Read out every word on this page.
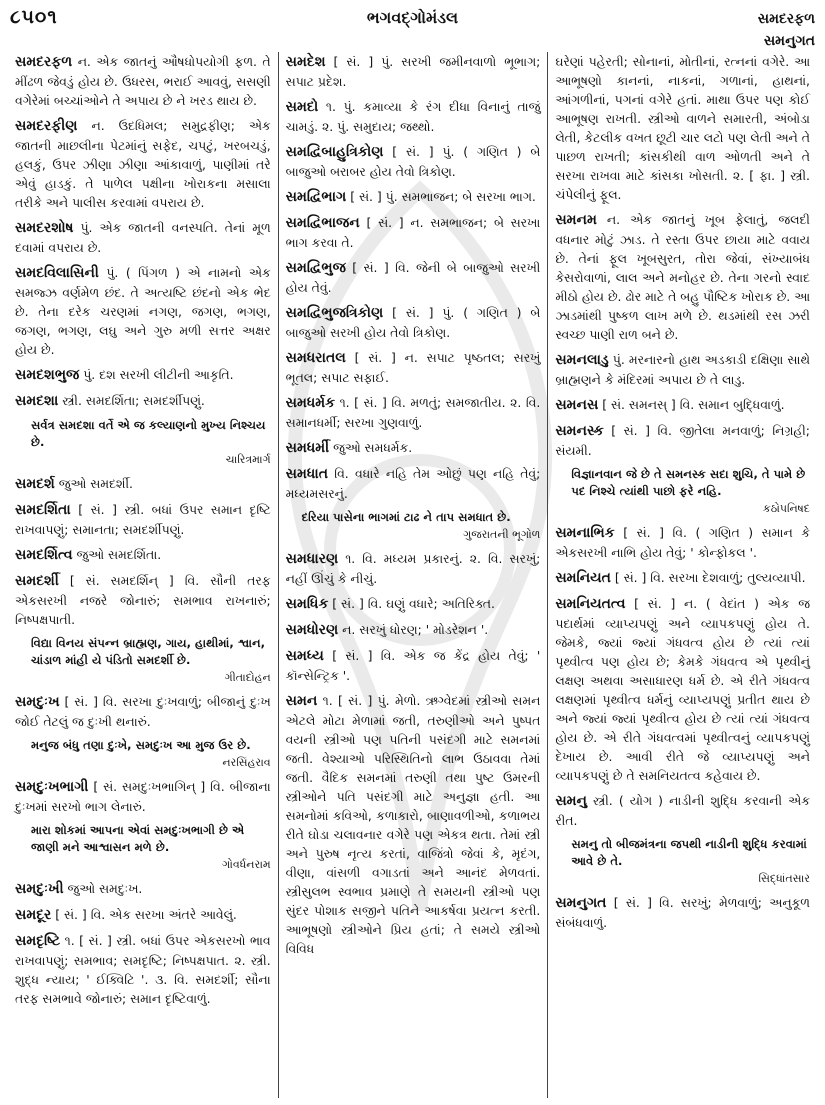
૮૫૦૧	ભગવદ્ગોમંડલ	સમદરફળ
સમનુગત
સમદરફળ ન. એક જાતનું ઔષધોપયોગી ફળ. તે મીંઢળ જેવડું હોય છે. ઉધરસ, ભરાઈ આવવું, સસણી વગેરેમાં બચ્ચાંઓને તે અપાય છે ને ખરડ થાય છે.
સમદરફીણ ન. ઉદધિમલ; સમુદ્રફીણ; એક જાતની માછલીના પેટમાંનું સફેદ, ચપટું, ખરબચડું, હલકું, ઉપર ઝીણા ઝીણા આંકાવાળું, પાણીમાં તરે એવું હાડકું. તે પાળેલ પક્ષીના ખોરાકના મસાલા તરીકે અને પાલીસ કરવામાં વપરાય છે.
સમદરશોષ પું. એક જાતની વનસ્પતિ. તેનાં મૂળ દવામાં વપરાય છે.
સમદવિલાસિની પું. ( પિંગળ ) એ નામનો એક સમજ્ઝ વર્ણમેળ છંદ. તે અત્યષ્ટિ છંદનો એક ભેદ છે. તેના દરેક ચરણમાં નગણ, જગણ, ભગણ, જગણ, ભગણ, લઘુ અને ગુરુ મળી સત્તર અક્ષર હોય છે.
સમદશભુજ પું. દશ સરખી લીટીની આકૃતિ.
સમદશા સ્ત્રી. સમદર્શિતા; સમદર્શીપણું.
સર્વત્ર સમદશા વર્તે એ જ કલ્યાણનો મુખ્ય નિશ્ચય છે.
ચારિત્રમાર્ગ
સમદર્શ જુઓ સમદર્શી.
સમદર્શિતા [ સં. ] સ્ત્રી. બધાં ઉપર સમાન દૃષ્ટિ રાખવાપણું; સમાનતા; સમદર્શીપણું.
સમદર્શિત્વ જુઓ સમદર્શિતા.
સમદર્શી [ સં. સમદર્શિન્ ] વિ. સૌની તરફ એકસરખી નજરે જોનારું; સમભાવ રાખનારું; નિષ્પક્ષપાતી.
વિદ્યા વિનય સંપન્ન બ્રાહ્મણ, ગાય, હાથીમાં, શ્વાન, ચાંડાળ માંહી યે પંડિતો સમદર્શી છે.
ગીતાદોહન
સમદુઃખ [ સં. ] વિ. સરખા દુઃખવાળું; બીજાનું દુઃખ જોઈ તેટલું જ દુઃખી થનારું.
મનુજ બંધુ તણા દુઃખે, સમદુઃખ આ મુજ ઉર છે.
નરસિંહરાવ
સમદુઃખભાગી [ સં. સમદુઃખભાગિન્ ] વિ. બીજાના દુઃખમાં સરખો ભાગ લેનારું.
મારા શોકમાં આપના એવાં સમદુઃખભાગી છે એ જાણી મને આશ્વાસન મળે છે.
ગોવર્ધનરામ
સમદુઃખી જુઓ સમદુઃખ.
સમદૂર [ સં. ] વિ. એક સરખા અંતરે આવેલું.
સમદૃષ્ટિ ૧. [ સં. ] સ્ત્રી. બધાં ઉપર એકસરખો ભાવ રાખવાપણું; સમભાવ; સમદૃષ્ટિ; નિષ્પક્ષપાત. ૨. સ્ત્રી. શુદ્ધ ન્યાય; ' ઈક્વિટિ '. ૩. વિ. સમદર્શી; સૌના તરફ સમભાવે જોનારું; સમાન દૃષ્ટિવાળું.
સમદેશ [ સં. ] પું. સરખી જમીનવાળો ભૂભાગ; સપાટ પ્રદેશ.
સમદો ૧. પું. કમાવ્યા કે રંગ દીધા વિનાનું તાજું ચામડું. ૨. પું. સમુદાય; જથ્થો.
સમદ્વિબાહુત્રિકોણ [ સં. ] પું. ( ગણિત ) બે બાજુઓ બરાબર હોય તેવો ત્રિકોણ.
સમદ્વિભાગ [ સં. ] પું. સમભાજન; બે સરખા ભાગ.
સમદ્વિભાજન [ સં. ] ન. સમભાજન; બે સરખા ભાગ કરવા તે.
સમદ્વિભુજ [ સં. ] વિ. જેની બે બાજુઓ સરખી હોય તેવું.
સમદ્વિભુજત્રિકોણ [ સં. ] પું. ( ગણિત ) બે બાજુઓ સરખી હોય તેવો ત્રિકોણ.
સમધરાતલ [ સં. ] ન. સપાટ પૃષ્ઠતલ; સરખું ભૂતલ; સપાટ સફાઈ.
સમધર્મક ૧. [ સં. ] વિ. મળતું; સમજાતીય. ૨. વિ. સમાનધર્મી; સરખા ગુણવાળું.
સમધર્મી જુઓ સમધર્મક.
સમધાત વિ. વધારે નહિ તેમ ઓછું પણ નહિ તેવું; મધ્યમસરનું.
દરિયા પાસેના ભાગમાં ટાઢ ને તાપ સમધાત છે.
ગુજરાતની ભૂગોળ
સમધારણ ૧. વિ. મધ્યમ પ્રકારનું. ૨. વિ. સરખું; નહીં ઊંચું કે નીચું.
સમધિક [ સં. ] વિ. ઘણું વધારે; અતિરિક્ત.
સમધોરણ ન. સરખું ધોરણ; ' મોડરેશન '.
સમધ્ય [ સં. ] વિ. એક જ કેંદ્ર હોય તેવું; ' કૉન્સેન્ટ્રિક '.
સમન ૧. [ સં. ] પું. મેળો. ઋગ્વેદમાં સ્ત્રીઓ સમન એટલે મોટા મેળામાં જતી, તરુણીઓ અને પુષ્પત વયની સ્ત્રીઓ પણ પતિની પસંદગી માટે સમનમાં જતી. વેશ્યાઓ પરિસ્થિતિનો લાભ ઉઠાવવા તેમાં જતી. વૈદિક સમનમાં તરુણી તથા પુષ્ટ ઉમરની સ્ત્રીઓને પતિ પસંદગી માટે અનુજ્ઞા હતી. આ સમનોમાં કવિઓ, કળાકારો, બાણાવળીઓ, કળાભય રીતે ઘોડા ચલાવનાર વગેરે પણ એકત્ર થતા. તેમાં સ્ત્રી અને પુરુષ નૃત્ય કરતાં, વાજિંત્રો જેવાં કે, મૃદંગ, વીણા, વાંસળી વગાડતાં અને આનંદ મેળવતાં. સ્ત્રીસુલભ સ્વભાવ પ્રમાણે તે સમયની સ્ત્રીઓ પણ સુંદર પોશાક સજીને પતિને આકર્ષવા પ્રયત્ન કરતી. આભૂષણો સ્ત્રીઓને પ્રિય હતાં; તે સમયે સ્ત્રીઓ વિવિધ
ઘરેણાં પહેરતી; સોનાનાં, મોતીનાં, રત્નનાં વગેરે. આ આભૂષણો કાનનાં, નાકનાં, ગળાનાં, હાથનાં, આંગળીનાં, પગનાં વગેરે હતાં. માથા ઉપર પણ કોઈ આભૂષણ રાખતી. સ્ત્રીઓ વાળને સમારતી, અંબોડા લેતી, કેટલીક વખત છૂટી ચાર લટો પણ લેતી અને તે પાછળ રાખતી; કાંસકીથી વાળ ઓળતી અને તે સરખા રાખવા માટે કાંસકા ખોસતી. ૨. [ ફા. ] સ્ત્રી. ચંપેલીનું ફૂલ.
સમનમ ન. એક જાતનું ખૂબ ફેલાતું, જલદી વધનાર મોટું ઝાડ. તે રસ્તા ઉપર છાયા માટે વવાય છે. તેનાં ફૂલ ખૂબસુરત, તોરા જેવાં, સંખ્યાબંધ કેસરોવાળાં, લાલ અને મનોહર છે. તેના ગરનો સ્વાદ મીઠો હોય છે. ઢોર માટે તે બહુ પૌષ્ટિક ખોરાક છે. આ ઝાડમાંથી પુષ્કળ લાખ મળે છે. થડમાંથી રસ ઝરી સ્વચ્છ પાણી રાળ બને છે.
સમનલાડુ પું. મરનારનો હાથ અડકાડી દક્ષિણા સાથે બ્રાહ્મણને કે મંદિરમાં અપાય છે તે લાડુ.
સમનસ [ સં. સમનસ્ ] વિ. સમાન બુદ્ધિવાળું.
સમનસ્ક [ સં. ] વિ. જીતેલા મનવાળું; નિગ્રહી; સંયમી.
વિજ્ઞાનવાન જે છે તે સમનસ્ક સદા શુચિ, તે પામે છે પદ નિશ્ચે ત્યાંથી પાછો ફરે નહિ.
કઠોપનિષદ
સમનાભિક [ સં. ] વિ. ( ગણિત ) સમાન કે એકસરખી નાભિ હોય તેવું; ' કોન્ફોકલ '.
સમનિયત [ સં. ] વિ. સરખા દેશવાળું; તુલ્યવ્યાપી.
સમનિયતત્વ [ સં. ] ન. ( વેદાંત ) એક જ પદાર્થમાં વ્યાપ્યપણું અને વ્યાપકપણું હોય તે. જેમકે, જ્યાં જ્યાં ગંધવત્વ હોય છે ત્યાં ત્યાં પૃથ્વીત્વ પણ હોય છે; કેમકે ગંધવત્વ એ પૃથ્વીનું લક્ષણ અથવા અસાધારણ ધર્મ છે. એ રીતે ગંધવત્વ લક્ષણમાં પૃથ્વીત્વ ધર્મનું વ્યાપ્યપણું પ્રતીત થાય છે અને જ્યાં જ્યાં પૃથ્વીત્વ હોય છે ત્યાં ત્યાં ગંધવત્વ હોય છે. એ રીતે ગંધવત્વમાં પૃથ્વીત્વનું વ્યાપકપણું દેખાય છે. આવી રીતે જે વ્યાપ્યપણું અને વ્યાપકપણું છે તે સમનિયતત્વ કહેવાય છે.
સમનુ સ્ત્રી. ( યોગ ) નાડીની શુદ્ધિ કરવાની એક રીત.
સમનુ તો બીજમંત્રના જપથી નાડીની શુદ્ધિ કરવામાં આવે છે તે.
સિદ્ધાંતસાર
સમનુગત [ સં. ] વિ. સરખું; મેળવાળું; અનુકૂળ સંબંધવાળું.
